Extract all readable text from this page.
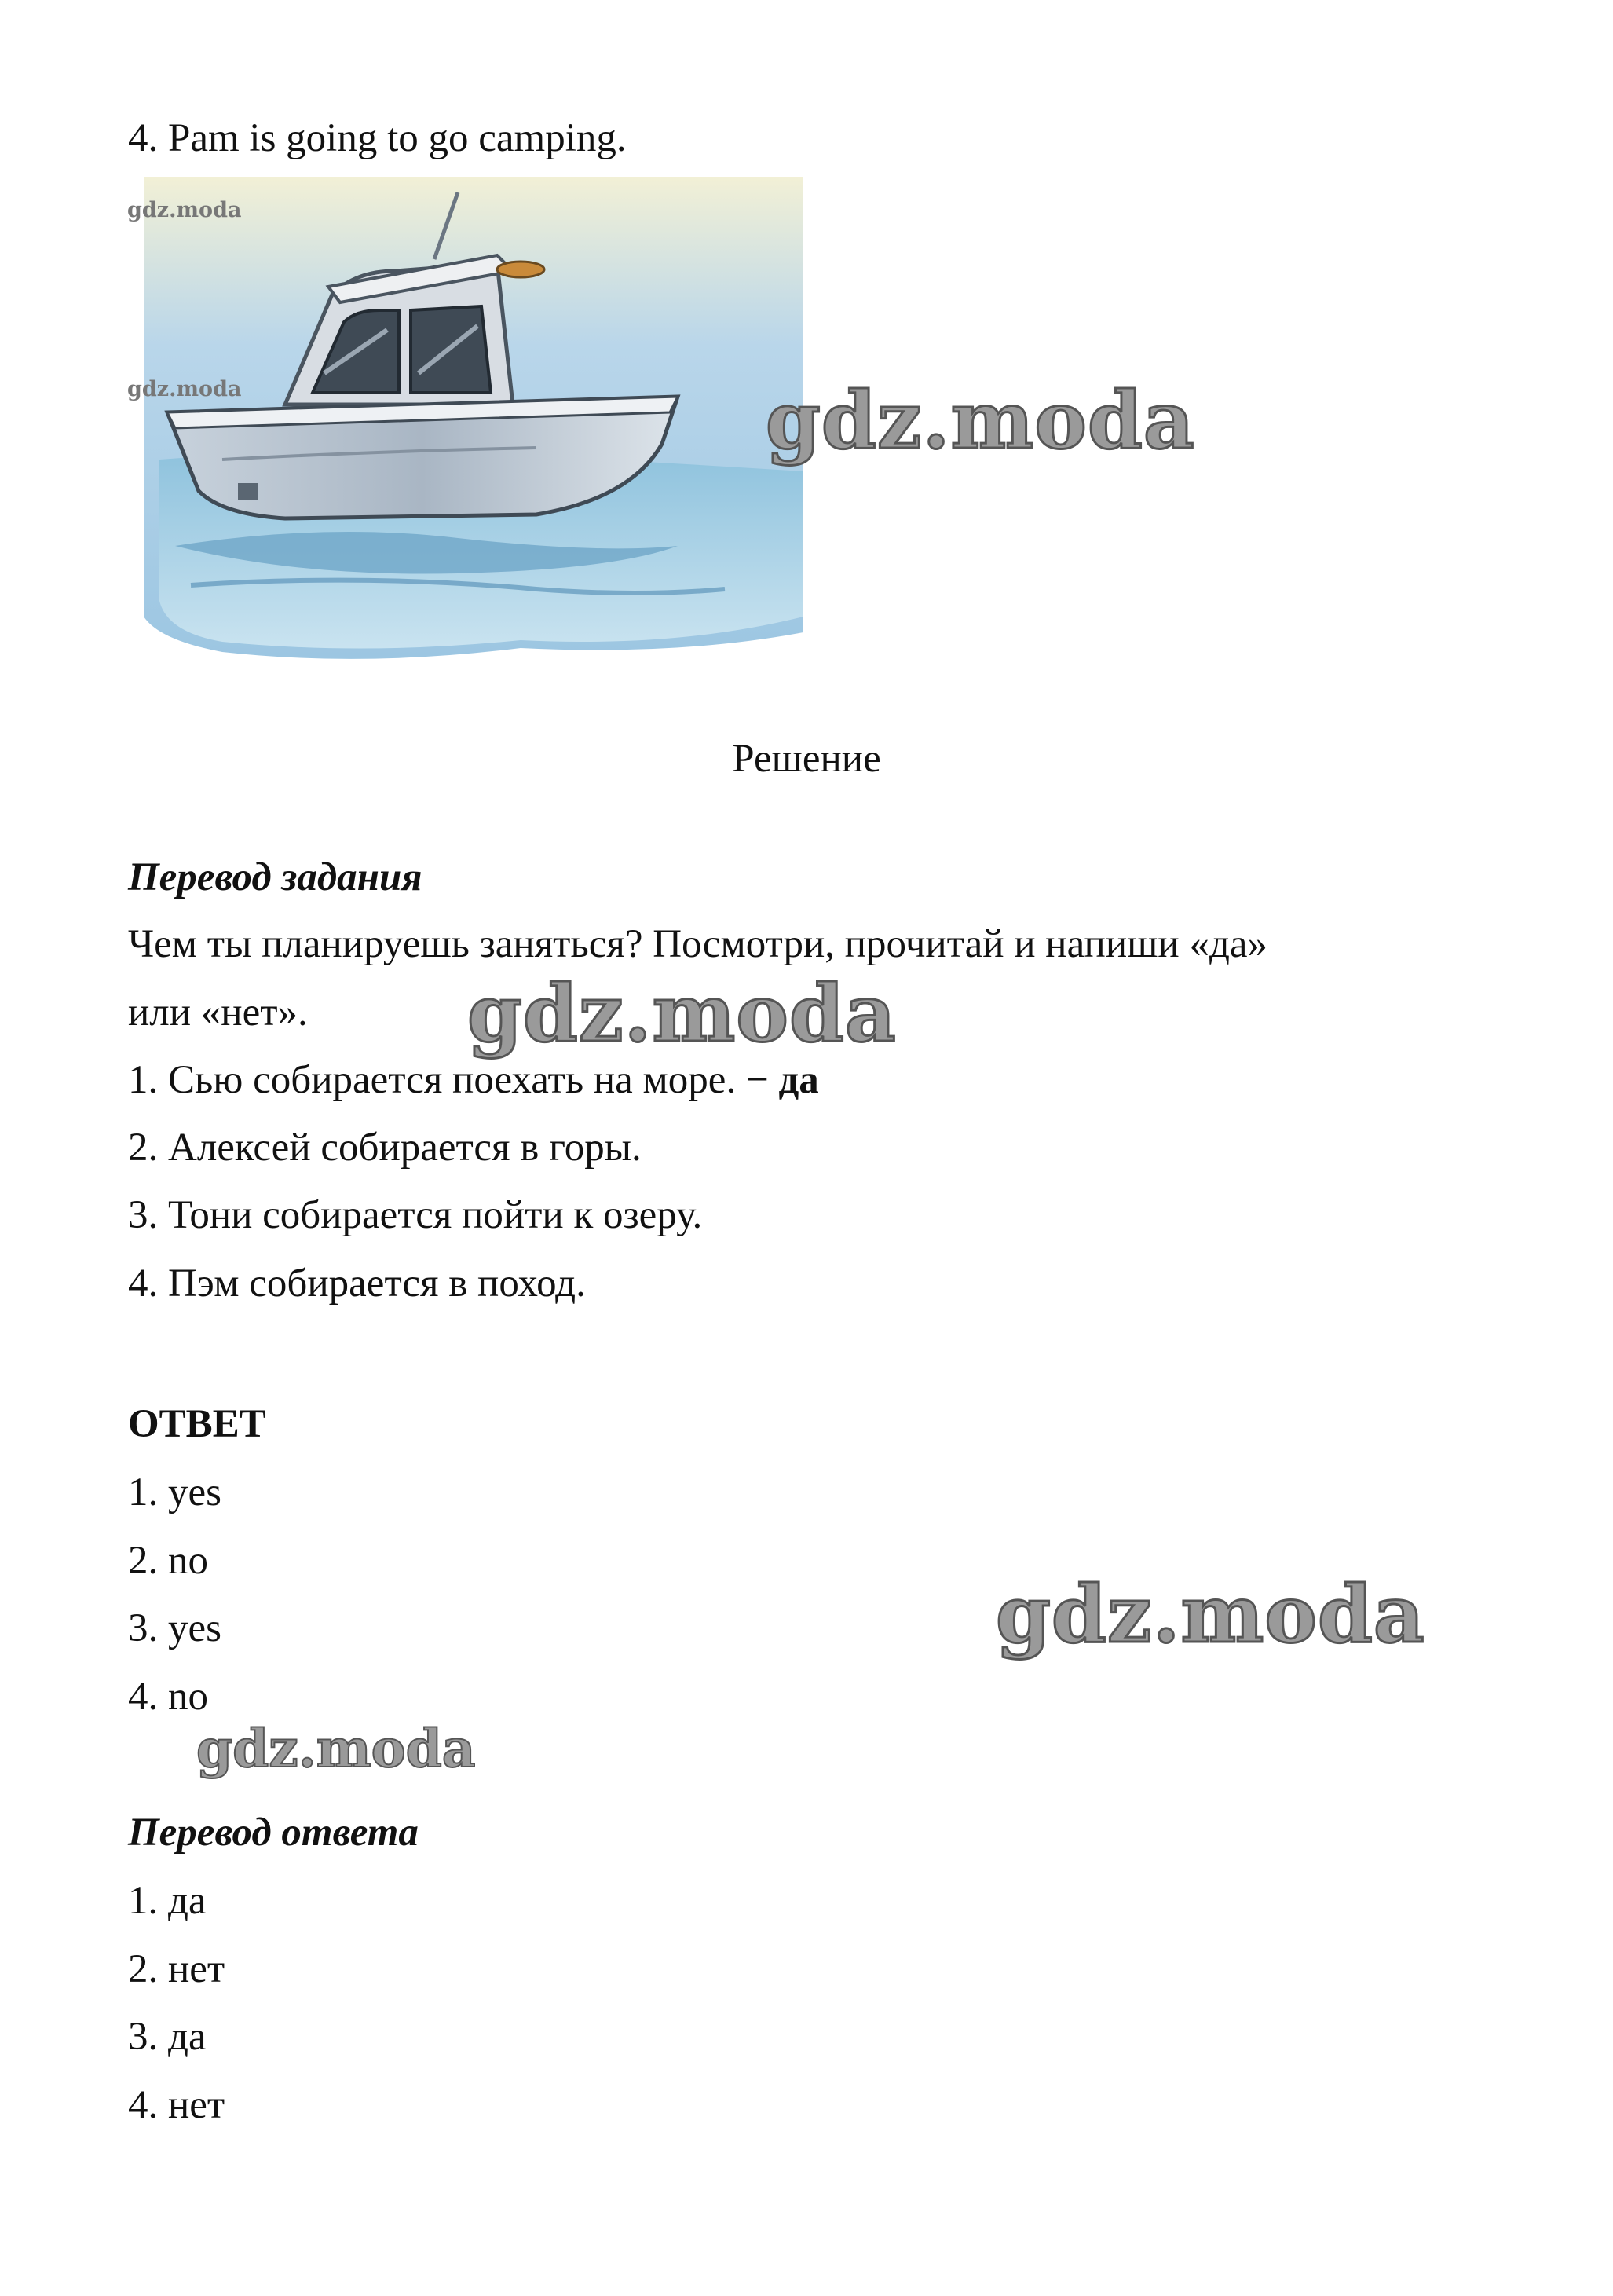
4. Pam is going to go camping.
gdz.moda
gdz.moda	gdz.moda
Решение
Перевод задания
Чем ты планируешь заняться? Посмотри, прочитай и напиши «да»
или «нет». gdz.moda
1. Сью собирается поехать на море. − да
2. Алексей собирается в горы.
3. Тони собирается пойти к озеру.
4. Пэм собирается в поход.
ОТВЕТ
1. yes
2. no
3. yes
4. no
gdz.moda
gdz.moda
Перевод ответа
1. да
2. нет
3. да
4. нет
